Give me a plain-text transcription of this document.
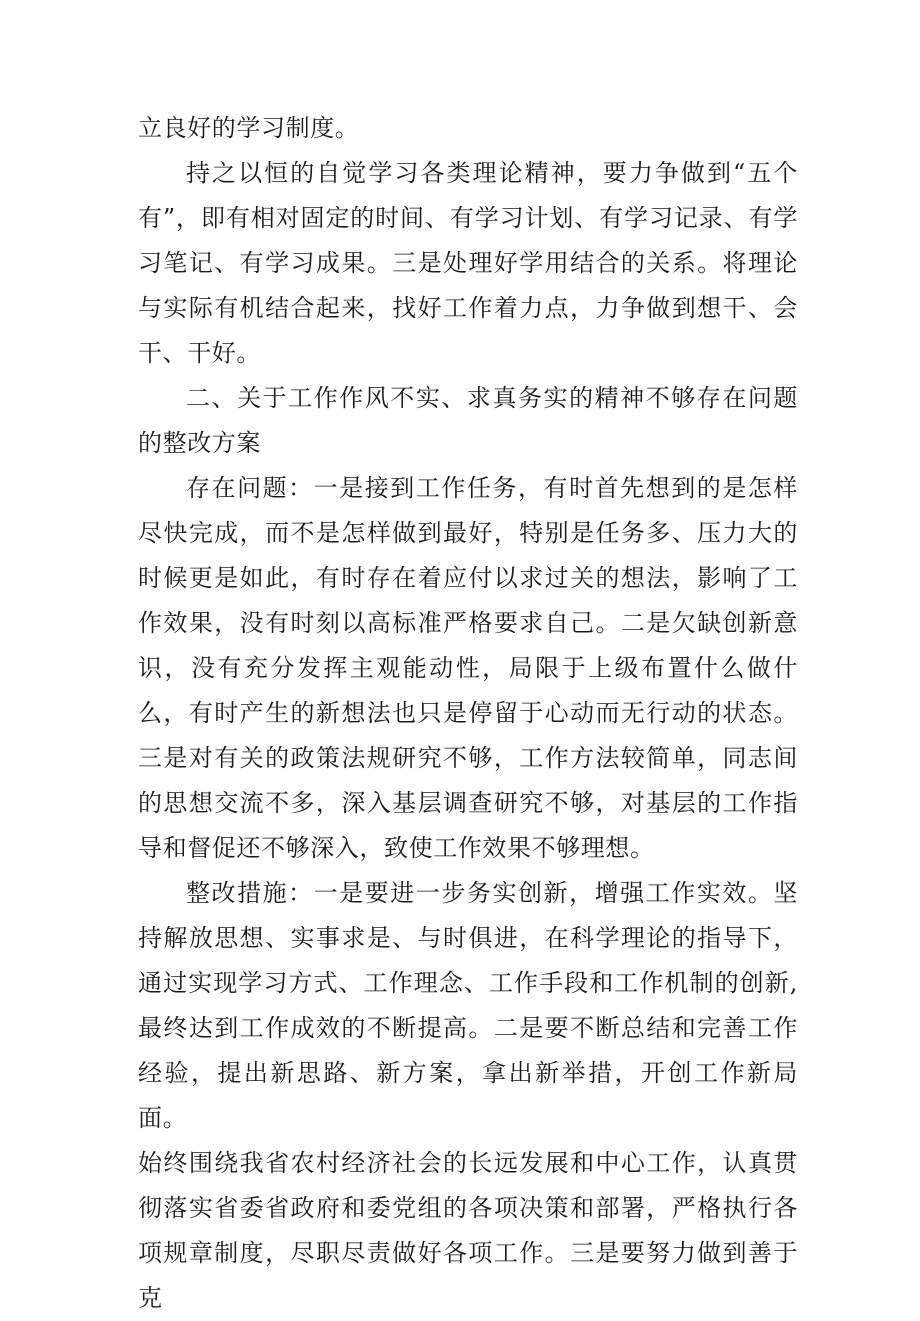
立良好的学习制度。

持之以恒的自觉学习各类理论精神，要力争做到“五个有”，即有相对固定的时间、有学习计划、有学习记录、有学习笔记、有学习成果。三是处理好学用结合的关系。将理论与实际有机结合起来，找好工作着力点，力争做到想干、会干、干好。

二、关于工作作风不实、求真务实的精神不够存在问题的整改方案

存在问题：一是接到工作任务，有时首先想到的是怎样尽快完成，而不是怎样做到最好，特别是任务多、压力大的时候更是如此，有时存在着应付以求过关的想法，影响了工作效果，没有时刻以高标准严格要求自己。二是欠缺创新意识，没有充分发挥主观能动性，局限于上级布置什么做什么，有时产生的新想法也只是停留于心动而无行动的状态。三是对有关的政策法规研究不够，工作方法较简单，同志间的思想交流不多，深入基层调查研究不够，对基层的工作指导和督促还不够深入，致使工作效果不够理想。

整改措施：一是要进一步务实创新，增强工作实效。坚持解放思想、实事求是、与时俱进，在科学理论的指导下，通过实现学习方式、工作理念、工作手段和工作机制的创新,最终达到工作成效的不断提高。二是要不断总结和完善工作经验，提出新思路、新方案，拿出新举措，开创工作新局面。

始终围绕我省农村经济社会的长远发展和中心工作，认真贯彻落实省委省政府和委党组的各项决策和部署，严格执行各项规章制度，尽职尽责做好各项工作。三是要努力做到善于克
